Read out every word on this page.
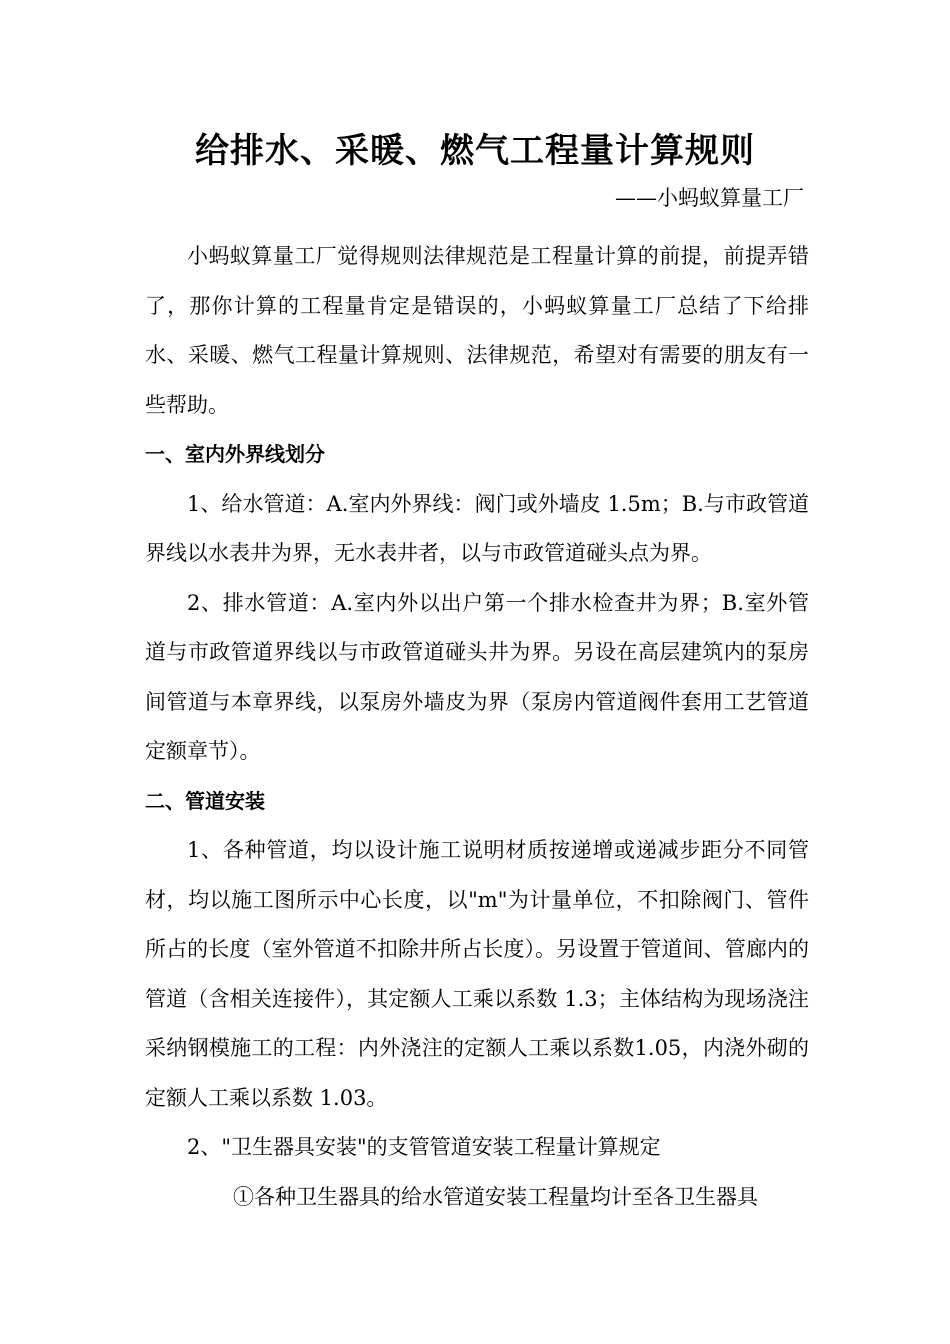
给排水、采暖、燃气工程量计算规则
——小蚂蚁算量工厂

小蚂蚁算量工厂觉得规则法律规范是工程量计算的前提，前提弄错了，那你计算的工程量肯定是错误的，小蚂蚁算量工厂总结了下给排水、采暖、燃气工程量计算规则、法律规范，希望对有需要的朋友有一些帮助。

一、室内外界线划分

1、给水管道：A.室内外界线：阀门或外墙皮 1.5m；B.与市政管道界线以水表井为界，无水表井者，以与市政管道碰头点为界。

2、排水管道：A.室内外以出户第一个排水检查井为界；B.室外管道与市政管道界线以与市政管道碰头井为界。另设在高层建筑内的泵房间管道与本章界线，以泵房外墙皮为界（泵房内管道阀件套用工艺管道定额章节）。

二、管道安装

1、各种管道，均以设计施工说明材质按递增或递减步距分不同管材，均以施工图所示中心长度，以"m"为计量单位，不扣除阀门、管件所占的长度（室外管道不扣除井所占长度）。另设置于管道间、管廊内的管道（含相关连接件），其定额人工乘以系数 1.3；主体结构为现场浇注采纳钢模施工的工程：内外浇注的定额人工乘以系数1.05，内浇外砌的定额人工乘以系数 1.03。

2、"卫生器具安装"的支管管道安装工程量计算规定

①各种卫生器具的给水管道安装工程量均计至各卫生器具
